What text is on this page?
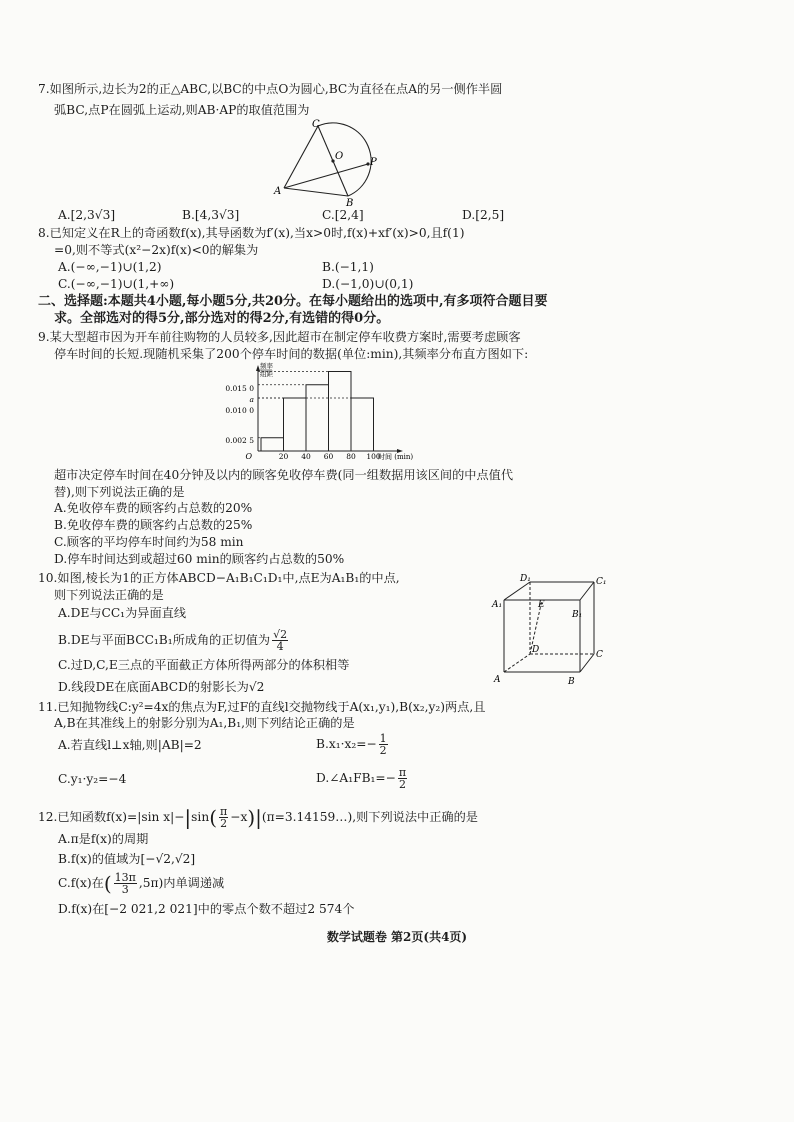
7.如图所示,边长为2的正△ABC,以BC的中点O为圆心,BC为直径在点A的另一侧作半圆
弧BC,点P在圆弧上运动,则AB·AP的取值范围为
C
O
P
A
B
A.[2,3√3]	B.[4,3√3]	C.[2,4]	D.[2,5]
8.已知定义在R上的奇函数f(x),其导函数为f′(x),当x>0时,f(x)+xf′(x)>0,且f(1)
=0,则不等式(x²−2x)f(x)<0的解集为
A.(−∞,−1)∪(1,2)	B.(−1,1)
C.(−∞,−1)∪(1,+∞)	D.(−1,0)∪(0,1)
二、选择题:本题共4小题,每小题5分,共20分。在每小题给出的选项中,有多项符合题目要
求。全部选对的得5分,部分选对的得2分,有选错的得0分。
9.某大型超市因为开车前往购物的人员较多,因此超市在制定停车收费方案时,需要考虑顾客
停车时间的长短.现随机采集了200个停车时间的数据(单位:min),其频率分布直方图如下:
频率
组距
O	20 40 60 80 100
0.015 0
a
0.010 0
0.002 5
时间 (min)
超市决定停车时间在40分钟及以内的顾客免收停车费(同一组数据用该区间的中点值代
替),则下列说法正确的是
A.免收停车费的顾客约占总数的20%
B.免收停车费的顾客约占总数的25%
C.顾客的平均停车时间约为58 min
D.停车时间达到或超过60 min的顾客约占总数的50%
10.如图,棱长为1的正方体ABCD−A₁B₁C₁D₁中,点E为A₁B₁的中点,
则下列说法正确的是
A.DE与CC₁为异面直线
B.DE与平面BCC₁B₁所成角的正切值为 $\frac{√2}{4}$
C.过D,C,E三点的平面截正方体所得两部分的体积相等
D.线段DE在底面ABCD的射影长为√2
D₁	C₁
A₁	E
B₁
D	C
A	B
11.已知抛物线C:y²=4x的焦点为F,过F的直线l交抛物线于A(x₁,y₁),B(x₂,y₂)两点,且
A,B在其准线上的射影分别为A₁,B₁,则下列结论正确的是
A.若直线l⊥x轴,则|AB|=2	$B.x_1\cdot x_2=- \frac{1}{2}$
C.y₁·y₂=−4	D.∠A₁FB₁=− $\frac{\pi}{2}$
12.已知函数f(x)=|sin $x|-|\sin( \frac{\pi}{2}$ −x)|(π=3.14159…),则下列说法中正确的是
A.π是f(x)的周期
B.f(x)的值域为[−√2,√2]
C.f(x)在( $\frac{13\pi}{3} ,5\pi$)内单调递减
D.f(x)在[−2 021,2 021]中的零点个数不超过2 574个
数学试题卷 第2页(共4页)
